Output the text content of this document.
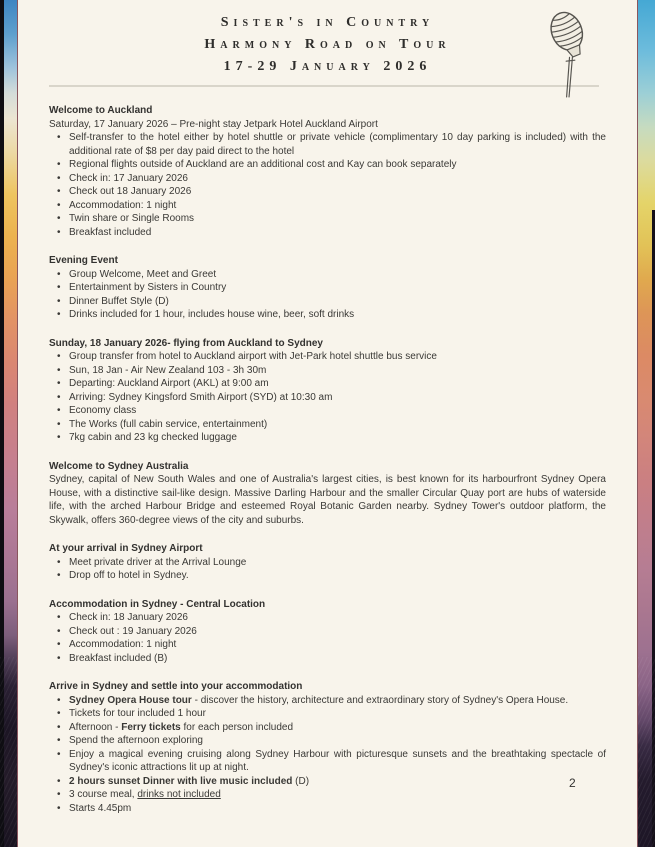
Sister's in Country
Harmony Road on Tour
17-29 January 2026
Welcome to Auckland
Saturday, 17 January 2026 – Pre-night stay Jetpark Hotel Auckland Airport
• Self-transfer to the hotel either by hotel shuttle or private vehicle (complimentary 10 day parking is included) with the additional rate of $8 per day paid direct to the hotel
• Regional flights outside of Auckland are an additional cost and Kay can book separately
• Check in: 17 January 2026
• Check out 18 January 2026
• Accommodation: 1 night
• Twin share or Single Rooms
• Breakfast included
Evening Event
• Group Welcome, Meet and Greet
• Entertainment by Sisters in Country
• Dinner Buffet Style (D)
• Drinks included for 1 hour, includes house wine, beer, soft drinks
Sunday, 18 January 2026- flying from Auckland to Sydney
• Group transfer from hotel to Auckland airport with Jet-Park hotel shuttle bus service
• Sun, 18 Jan - Air New Zealand 103 - 3h 30m
• Departing: Auckland Airport (AKL) at 9:00 am
• Arriving: Sydney Kingsford Smith Airport (SYD) at 10:30 am
• Economy class
• The Works (full cabin service, entertainment)
• 7kg cabin and 23 kg checked luggage
Welcome to Sydney Australia
Sydney, capital of New South Wales and one of Australia's largest cities, is best known for its harbourfront Sydney Opera House, with a distinctive sail-like design. Massive Darling Harbour and the smaller Circular Quay port are hubs of waterside life, with the arched Harbour Bridge and esteemed Royal Botanic Garden nearby. Sydney Tower's outdoor platform, the Skywalk, offers 360-degree views of the city and suburbs.
At your arrival in Sydney Airport
• Meet private driver at the Arrival Lounge
• Drop off to hotel in Sydney.
Accommodation in Sydney - Central Location
• Check in: 18 January 2026
• Check out : 19 January 2026
• Accommodation: 1 night
• Breakfast included (B)
Arrive in Sydney and settle into your accommodation
• Sydney Opera House tour - discover the history, architecture and extraordinary story of Sydney's Opera House.
• Tickets for tour included 1 hour
• Afternoon - Ferry tickets for each person included
• Spend the afternoon exploring
• Enjoy a magical evening cruising along Sydney Harbour with picturesque sunsets and the breathtaking spectacle of Sydney's iconic attractions lit up at night.
• 2 hours sunset Dinner with live music included (D)
• 3 course meal, drinks not included
• Starts 4.45pm
2
